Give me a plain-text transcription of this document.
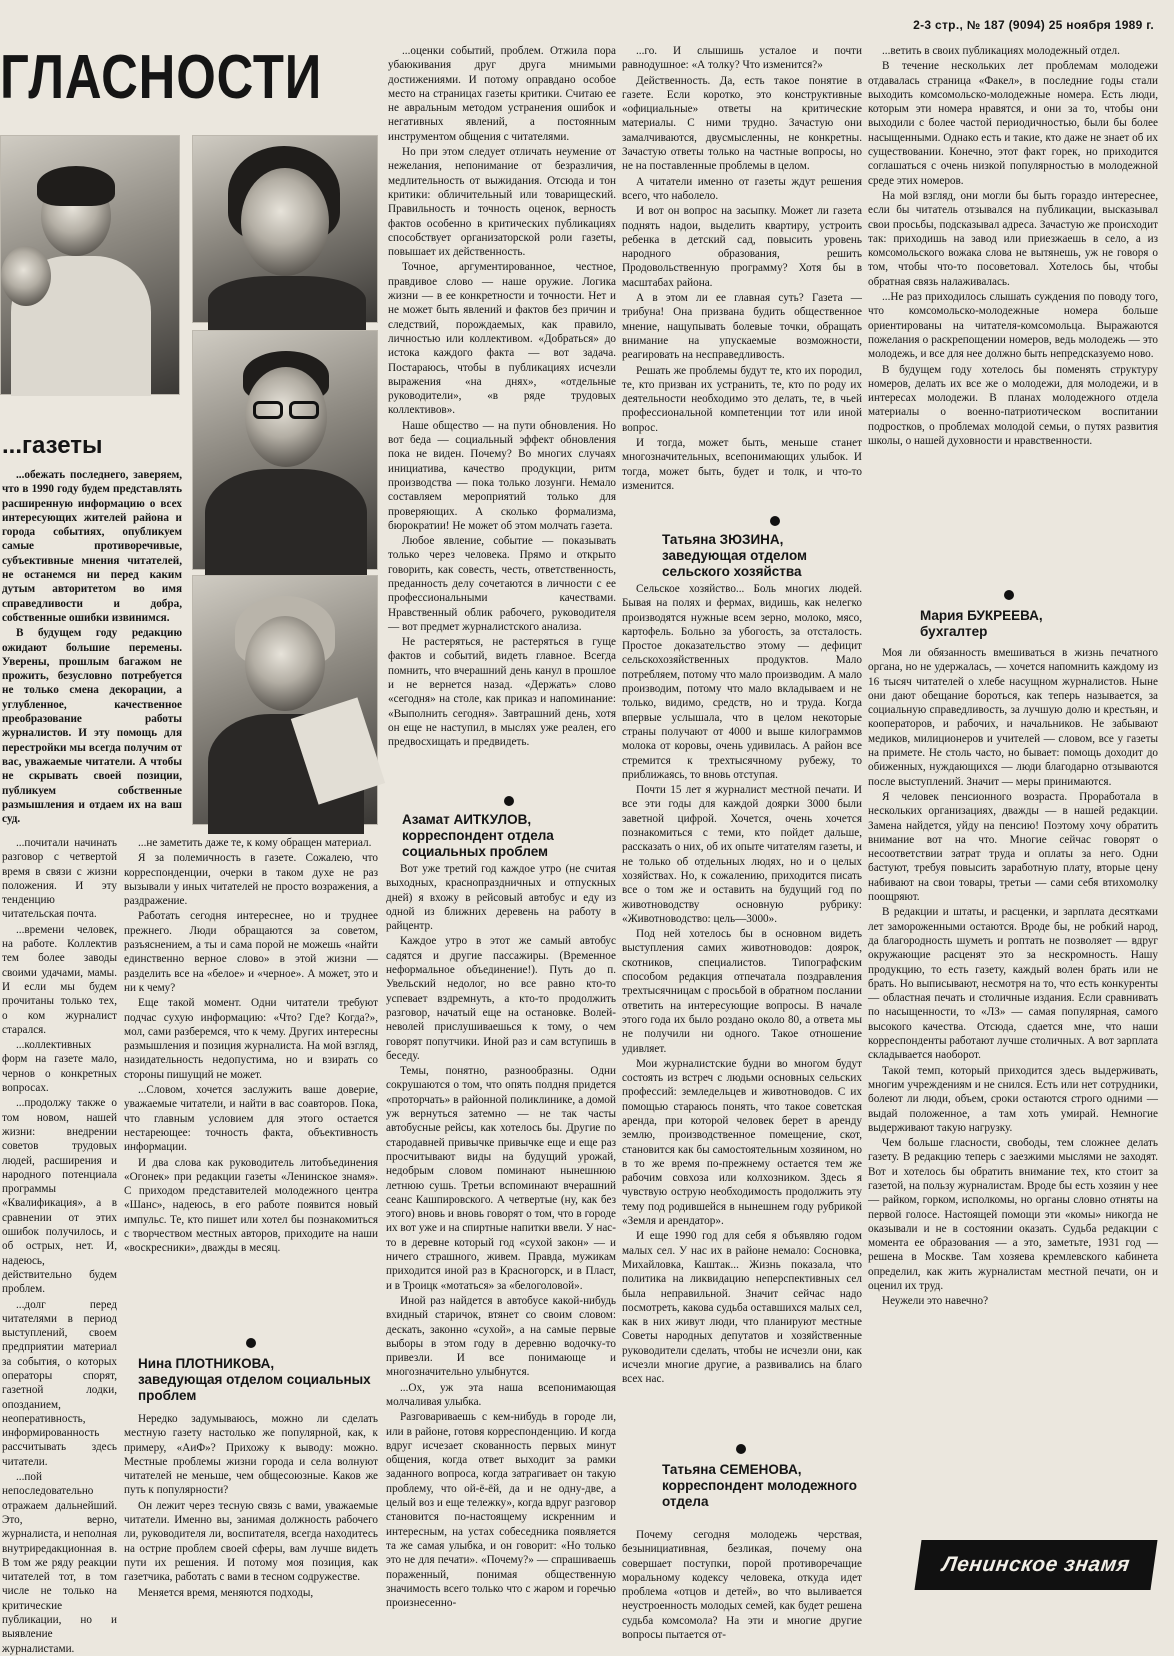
2-3 стр., № 187 (9094) 25 ноября 1989 г.
ГЛАСНОСТИ
...газеты

...обежать последнего, заверяем, что в 1990 году будем представлять расширенную информацию о всех интересующих жителей района и города событиях, опубликуем самые противоречивые, субъективные мнения читателей, не останемся ни перед каким дутым авторитетом во имя справедливости и добра, собственные ошибки извинимся.

В будущем году редакцию ожидают большие перемены. Уверены, прошлым багажом не прожить, безусловно потребуется не только смена декорации, а углубленное, качественное преобразование работы журналистов. И эту помощь для перестройки мы всегда получим от вас, уважаемые читатели. А чтобы не скрывать своей позиции, публикуем собственные размышления и отдаем их на ваш суд.

...почитали начинать разговор с четвертой время в связи с жизни положения. И эту тенденцию читательская почта.

...времени человек, на работе. Коллектив тем более заводы своими удачами, мамы. И если мы будем прочитаны только тех, о ком журналист старался.

...коллективных форм на газете мало, чернов о конкретных вопросах.

...продолжу также о том новом, нашей жизни: внедрении советов трудовых людей, расширения и народного потенциала программы «Квалификация», а в сравнении от этих ошибок получилось, и об острых, нет. И, надеюсь, действительно будем проблем.

...долг перед читателями в период выступлений, своем предприятии материал за события, о которых операторы спорят, газетной лодки, опозданием, неоперативность, информированность рассчитывать здесь читатели.

...пой непоследовательно отражаем дальнейший. Это, верно, журналиста, и неполная внутриредакционная в. В том же ряду реакции читателей тот, в том числе не только на критические публикации, но и выявление журналистами.

...оценки событий, проблем. Отжила пора убаюкивания друг друга мнимыми достижениями. И потому оправдано особое место на страницах газеты критики. Считаю ее не авральным методом устранения ошибок и негативных явлений, а постоянным инструментом общения с читателями.

Но при этом следует отличать неумение от нежелания, непонимание от безразличия, медлительность от выжидания. Отсюда и тон критики: обличительный или товарищеский. Правильность и точность оценок, верность фактов особенно в критических публикациях способствует организаторской роли газеты, повышает их действенность.

Точное, аргументированное, честное, правдивое слово — наше оружие. Логика жизни — в ее конкретности и точности. Нет и не может быть явлений и фактов без причин и следствий, порождаемых, как правило, личностью или коллективом. «Добраться» до истока каждого факта — вот задача. Постараюсь, чтобы в публикациях исчезли выражения «на днях», «отдельные руководители», «в ряде трудовых коллективов».

Наше общество — на пути обновления. Но вот беда — социальный эффект обновления пока не виден. Почему? Во многих случаях инициатива, качество продукции, ритм производства — пока только лозунги. Немало составляем мероприятий только для проверяющих. А сколько формализма, бюрократии! Не может об этом молчать газета.

Любое явление, событие — показывать только через человека. Прямо и открыто говорить, как совесть, честь, ответственность, преданность делу сочетаются в личности с ее профессиональными качествами. Нравственный облик рабочего, руководителя — вот предмет журналистского анализа.

Не растеряться, не растеряться в гуще фактов и событий, видеть главное. Всегда помнить, что вчерашний день канул в прошлое и не вернется назад. «Держать» слово «сегодня» на столе, как приказ и напоминание: «Выполнить сегодня». Завтрашний день, хотя он еще не наступил, в мыслях уже реален, его предвосхищать и предвидеть.

...не заметить даже те, к кому обращен материал.

Я за полемичность в газете. Сожалею, что корреспонденции, очерки в таком духе не раз вызывали у иных читателей не просто возражения, а раздражение.

Работать сегодня интереснее, но и труднее прежнего. Люди обращаются за советом, разъяснением, а ты и сама порой не можешь «найти единственно верное слово» в этой жизни — разделить все на «белое» и «черное». А может, это и ни к чему?

Еще такой момент. Одни читатели требуют подчас сухую информацию: «Что? Где? Когда?», мол, сами разберемся, что к чему. Других интересны размышления и позиция журналиста. На мой взгляд, назидательность недопустима, но и взирать со стороны пишущий не может.

...Словом, хочется заслужить ваше доверие, уважаемые читатели, и найти в вас соавторов. Пока, что главным условием для этого остается нестареющее: точность факта, объективность информации.

И два слова как руководитель литобъединения «Огонек» при редакции газеты «Ленинское знамя». С приходом представителей молодежного центра «Шанс», надеюсь, в его работе появится новый импульс. Те, кто пишет или хотел бы познакомиться с творчеством местных авторов, приходите на наши «воскресники», дважды в месяц.

Нина ПЛОТНИКОВА,
заведующая отделом социальных проблем

Нередко задумываюсь, можно ли сделать местную газету настолько же популярной, как, к примеру, «АиФ»? Прихожу к выводу: можно. Местные проблемы жизни города и села волнуют читателей не меньше, чем общесоюзные. Каков же путь к популярности?

Он лежит через тесную связь с вами, уважаемые читатели. Именно вы, занимая должность рабочего ли, руководителя ли, воспитателя, всегда находитесь на острие проблем своей сферы, вам лучше видеть пути их решения. И потому моя позиция, как газетчика, работать с вами в тесном содружестве.

Меняется время, меняются подходы,

...го. И слышишь усталое и почти равнодушное: «А толку? Что изменится?»

Действенность. Да, есть такое понятие в газете. Если коротко, это конструктивные «официальные» ответы на критические материалы. С ними трудно. Зачастую они замалчиваются, двусмысленны, не конкретны. Зачастую ответы только на частные вопросы, но не на поставленные проблемы в целом.

А читатели именно от газеты ждут решения всего, что наболело.

И вот он вопрос на засыпку. Может ли газета поднять надои, выделить квартиру, устроить ребенка в детский сад, повысить уровень народного образования, решить Продовольственную программу? Хотя бы в масштабах района.

А в этом ли ее главная суть? Газета — трибуна! Она призвана будить общественное мнение, нащупывать болевые точки, обращать внимание на упускаемые возможности, реагировать на несправедливость.

Решать же проблемы будут те, кто их породил, те, кто призван их устранить, те, кто по роду их деятельности необходимо это делать, те, в чьей профессиональной компетенции тот или иной вопрос.

И тогда, может быть, меньше станет многозначительных, всепонимающих улыбок. И тогда, может быть, будет и толк, и что-то изменится.

Азамат АИТКУЛОВ,
корреспондент отдела социальных проблем

Вот уже третий год каждое утро (не считая выходных, краснопраздничных и отпускных дней) я вхожу в рейсовый автобус и еду из одной из ближних деревень на работу в райцентр.

Каждое утро в этот же самый автобус садятся и другие пассажиры. (Временное неформальное объединение!). Путь до п. Увельский недолог, но все равно кто-то успевает вздремнуть, а кто-то продолжить разговор, начатый еще на остановке. Волей-неволей прислушиваешься к тому, о чем говорят попутчики. Иной раз и сам вступишь в беседу.

Темы, понятно, разнообразны. Одни сокрушаются о том, что опять полдня придется «проторчать» в районной поликлинике, а домой уж вернуться затемно — не так часты автобусные рейсы, как хотелось бы. Другие по стародавней привычке привычке еще и еще раз просчитывают виды на будущий урожай, недобрым словом поминают нынешнюю летнюю сушь. Третьи вспоминают вчерашний сеанс Кашпировского. А четвертые (ну, как без этого) вновь и вновь говорят о том, что в городе их вот уже и на спиртные напитки ввели. У нас-то в деревне который год «сухой закон» — и ничего страшного, живем. Правда, мужикам приходится иной раз в Красногорск, и в Пласт, и в Троицк «мотаться» за «белоголовой».

Иной раз найдется в автобусе какой-нибудь вхидный старичок, втянет со своим словом: дескать, законно «сухой», а на самые первые выборы в этом году в деревню водочку-то привезли. И все понимающе и многозначительно улыбнутся.

...Ох, уж эта наша всепонимающая молчаливая улыбка.

Разговариваешь с кем-нибудь в городе ли, или в районе, готовя корреспонденцию. И когда вдруг исчезает скованность первых минут общения, когда ответ выходит за рамки заданного вопроса, когда затрагивает он такую проблему, что ой-ё-ёй, да и не одну-две, а целый воз и еще тележку», когда вдруг разговор становится по-настоящему искренним и интересным, на устах собеседника появляется та же самая улыбка, и он говорит: «Но только это не для печати». «Почему?» — спрашиваешь пораженный, понимая общественную значимость всего только что с жаром и горечью произнесенно-

Татьяна ЗЮЗИНА,
заведующая отделом сельского хозяйства

Сельское хозяйство... Боль многих людей. Бывая на полях и фермах, видишь, как нелегко производятся нужные всем зерно, молоко, мясо, картофель. Больно за убогость, за отсталость. Простое доказательство этому — дефицит сельскохозяйственных продуктов. Мало потребляем, потому что мало производим. А мало производим, потому что мало вкладываем и не только, видимо, средств, но и труда. Когда впервые услышала, что в целом некоторые страны получают от 4000 и выше килограммов молока от коровы, очень удивилась. А район все стремится к трехтысячному рубежу, то приближаясь, то вновь отступая.

Почти 15 лет я журналист местной печати. И все эти годы для каждой доярки 3000 были заветной цифрой. Хочется, очень хочется познакомиться с теми, кто пойдет дальше, рассказать о них, об их опыте читателям газеты, и не только об отдельных людях, но и о целых хозяйствах. Но, к сожалению, приходится писать все о том же и оставить на будущий год по животноводству основную рубрику: «Животноводство: цель—3000».

Под ней хотелось бы в основном видеть выступления самих животноводов: доярок, скотников, специалистов. Типографским способом редакция отпечатала поздравления трехтысячницам с просьбой в обратном послании ответить на интересующие вопросы. В начале этого года их было роздано около 80, а ответа мы не получили ни одного. Такое отношение удивляет.

Мои журналистские будни во многом будут состоять из встреч с людьми основных сельских профессий: земледельцев и животноводов. С их помощью стараюсь понять, что такое советская аренда, при которой человек берет в аренду землю, производственное помещение, скот, становится как бы самостоятельным хозяином, но в то же время по-прежнему остается тем же рабочим совхоза или колхозником. Здесь я чувствую острую необходимость продолжить эту тему под родившейся в нынешнем году рубрикой «Земля и арендатор».

И еще 1990 год для себя я объявляю годом малых сел. У нас их в районе немало: Сосновка, Михайловка, Каштак... Жизнь показала, что политика на ликвидацию неперспективных сел была неправильной. Значит сейчас надо посмотреть, какова судьба оставшихся малых сел, как в них живут люди, что планируют местные Советы народных депутатов и хозяйственные руководители сделать, чтобы не исчезли они, как исчезли многие другие, а развивались на благо всех нас.

Татьяна СЕМЕНОВА,
корреспондент молодежного отдела

Почему сегодня молодежь черствая, безынициативная, безликая, почему она совершает поступки, порой противоречащие моральному кодексу человека, откуда идет проблема «отцов и детей», во что выливается неустроенность молодых семей, как будет решена судьба комсомола? На эти и многие другие вопросы пытается от-

...ветить в своих публикациях молодежный отдел.

В течение нескольких лет проблемам молодежи отдавалась страница «Факел», в последние годы стали выходить комсомольско-молодежные номера. Есть люди, которым эти номера нравятся, и они за то, чтобы они выходили с более частой периодичностью, были бы более насыщенными. Однако есть и такие, кто даже не знает об их существовании. Конечно, этот факт горек, но приходится соглашаться с очень низкой популярностью в молодежной среде этих номеров.

На мой взгляд, они могли бы быть гораздо интереснее, если бы читатель отзывался на публикации, высказывал свои просьбы, подсказывал адреса. Зачастую же происходит так: приходишь на завод или приезжаешь в село, а из комсомольского вожака слова не вытянешь, уж не говоря о том, чтобы что-то посоветовал. Хотелось бы, чтобы обратная связь налаживалась.

...Не раз приходилось слышать суждения по поводу того, что комсомольско-молодежные номера больше ориентированы на читателя-комсомольца. Выражаются пожелания о раскрепощении номеров, ведь молодежь — это молодежь, и все для нее должно быть непредсказуемо ново.

В будущем году хотелось бы поменять структуру номеров, делать их все же о молодежи, для молодежи, и в интересах молодежи. В планах молодежного отдела материалы о военно-патриотическом воспитании подростков, о проблемах молодой семьи, о путях развития школы, о нашей духовности и нравственности.

Мария БУКРЕЕВА,
бухгалтер

Моя ли обязанность вмешиваться в жизнь печатного органа, но не удержалась, — хочется напомнить каждому из 16 тысяч читателей о хлебе насущном журналистов. Ныне они дают обещание бороться, как теперь называется, за социальную справедливость, за лучшую долю и крестьян, и кооператоров, и рабочих, и начальников. Не забывают медиков, милиционеров и учителей — словом, все у газеты на примете. Не столь часто, но бывает: помощь доходит до обиженных, нуждающихся — люди благодарно отзываются после выступлений. Значит — меры принимаются.

Я человек пенсионного возраста. Проработала в нескольких организациях, дважды — в нашей редакции. Замена найдется, уйду на пенсию! Поэтому хочу обратить внимание вот на что. Многие сейчас говорят о несоответствии затрат труда и оплаты за него. Одни бастуют, требуя повысить заработную плату, вторые цену набивают на свои товары, третьи — сами себя втихомолку поощряют.

В редакции и штаты, и расценки, и зарплата десятками лет замороженными остаются. Вроде бы, не робкий народ, да благородность шуметь и роптать не позволяет — вдруг окружающие расценят это за нескромность. Нашу продукцию, то есть газету, каждый волен брать или не брать. Но выписывают, несмотря на то, что есть конкуренты — областная печать и столичные издания. Если сравнивать по насыщенности, то «ЛЗ» — самая популярная, самого высокого качества. Отсюда, сдается мне, что наши корреспонденты работают лучше столичных. А вот зарплата складывается наоборот.

Такой темп, который приходится здесь выдерживать, многим учреждениям и не снился. Есть или нет сотрудники, болеют ли люди, объем, сроки остаются строго одними — выдай положенное, а там хоть умирай. Немногие выдерживают такую нагрузку.

Чем больше гласности, свободы, тем сложнее делать газету. В редакцию теперь с заезжими мыслями не заходят. Вот и хотелось бы обратить внимание тех, кто стоит за газетой, на пользу журналистам. Вроде бы есть хозяин у нее — райком, горком, исполкомы, но органы словно отняты на первой голосе. Настоящей помощи эти «комы» никогда не оказывали и не в состоянии оказать. Судьба редакции с момента ее образования — а это, заметьте, 1931 год — решена в Москве. Там хозяева кремлевского кабинета определил, как жить журналистам местной печати, он и оценил их труд.

Неужели это навечно?

Ленинское знамя
